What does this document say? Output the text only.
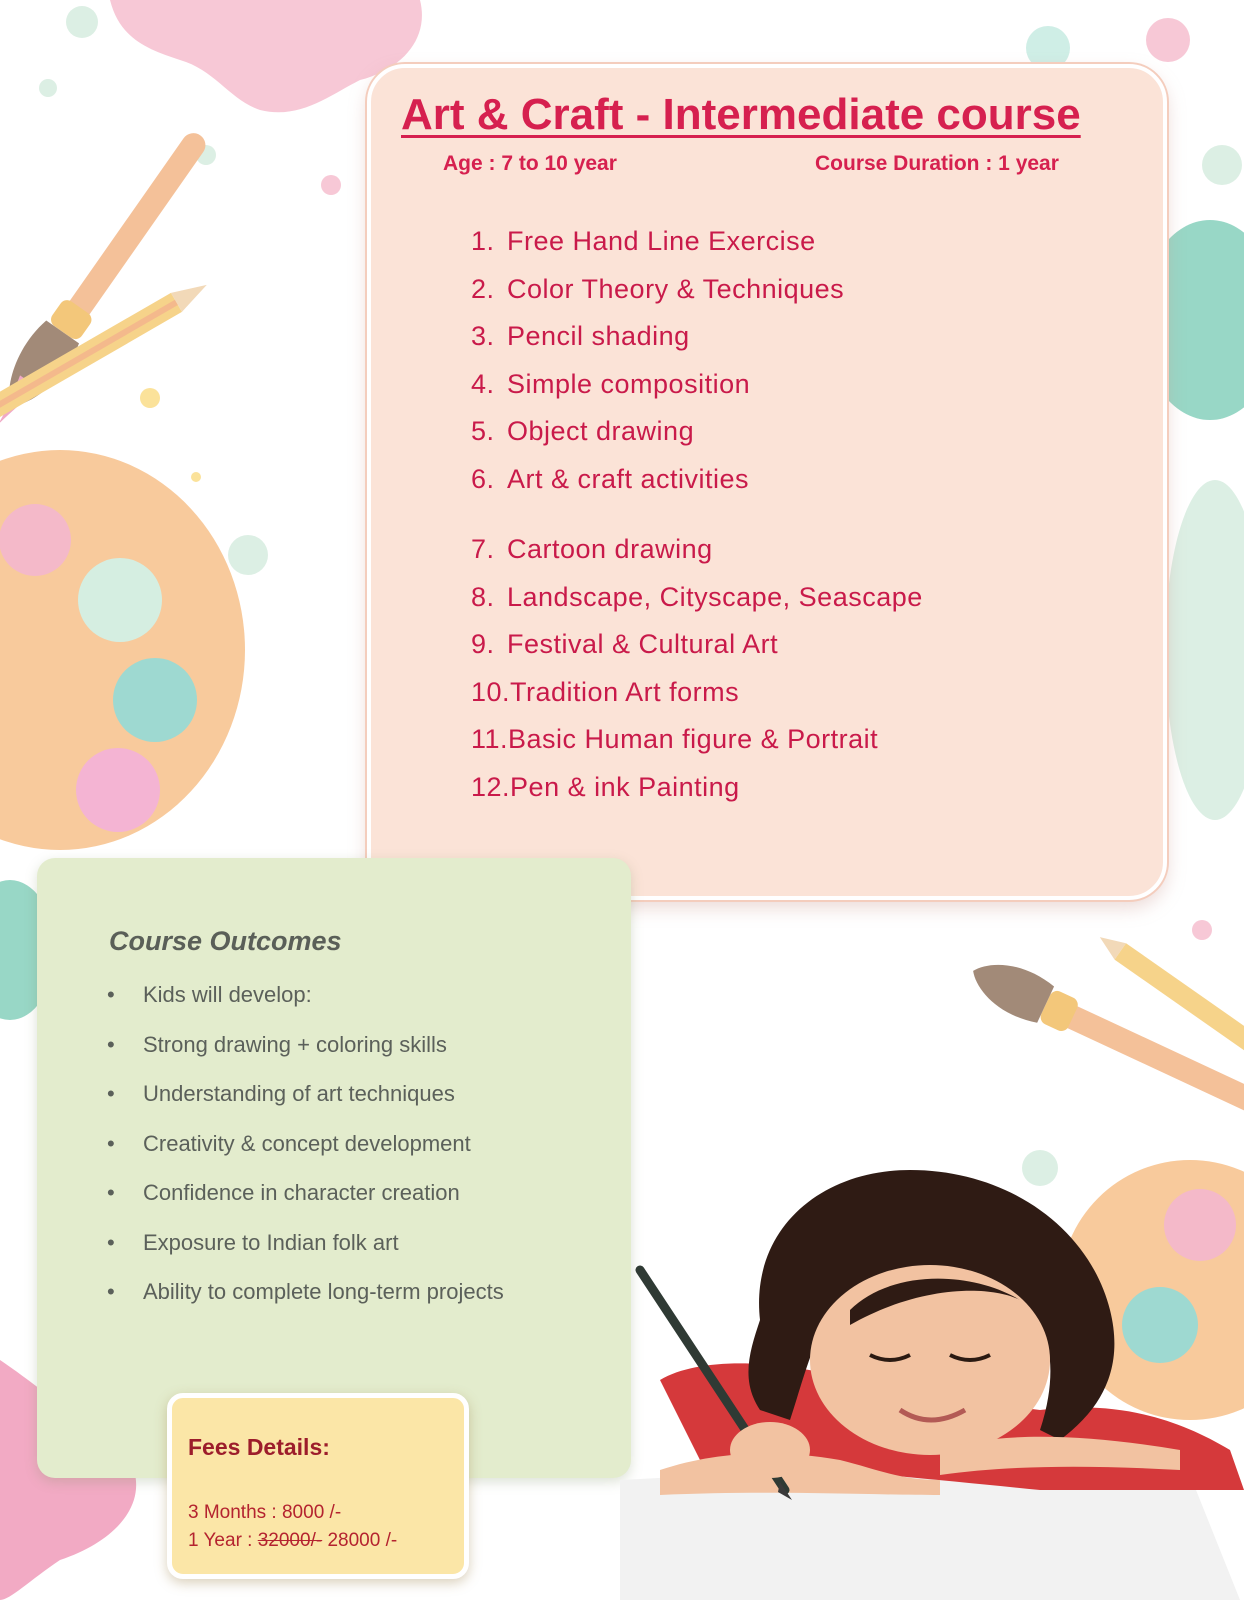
Art & Craft - Intermediate course
Age : 7 to 10 year	Course Duration : 1 year
1. Free Hand Line Exercise
2. Color Theory & Techniques
3. Pencil shading
4. Simple composition
5. Object drawing
6. Art & craft activities
7. Cartoon drawing
8. Landscape, Cityscape, Seascape
9. Festival & Cultural Art
10.Tradition Art forms
11.Basic Human figure & Portrait
12.Pen & ink Painting
Course Outcomes
• Kids will develop:
• Strong drawing + coloring skills
• Understanding of art techniques
• Creativity & concept development
• Confidence in character creation
• Exposure to Indian folk art
• Ability to complete long-term projects
Fees Details:
3 Months : 8000 /-
1 Year : 32000/- 28000 /-
